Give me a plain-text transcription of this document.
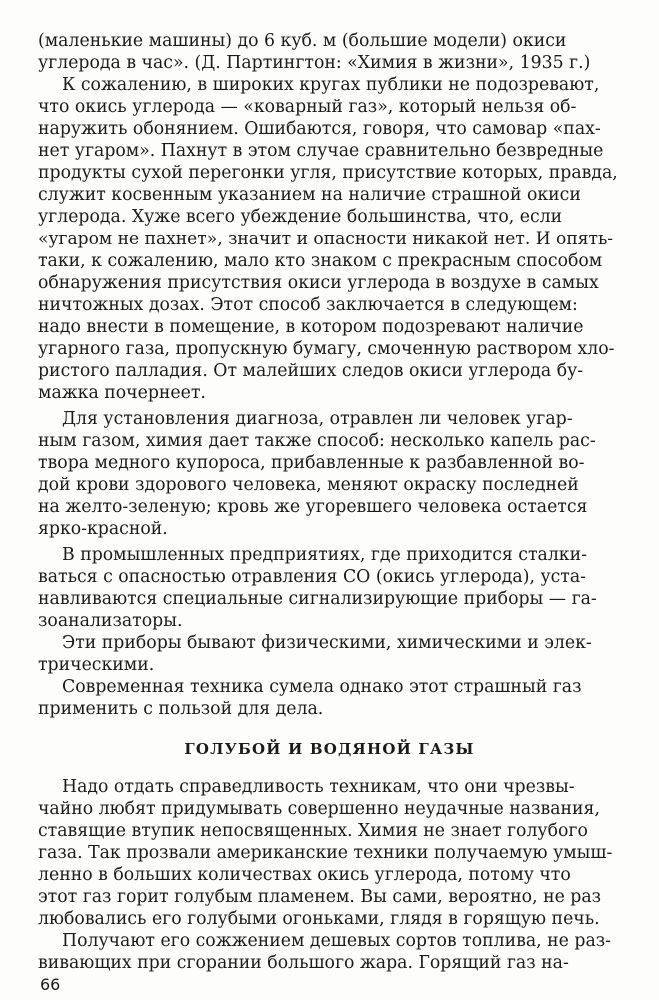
(маленькие машины) до 6 куб. м (большие модели) окиси
углерода в час». (Д. Партингтон: «Химия в жизни», 1935 г.)
К сожалению, в широких кругах публики не подозревают,
что окись углерода — «коварный газ», который нельзя об-
наружить обонянием. Ошибаются, говоря, что самовар «пах-
нет угаром». Пахнут в этом случае сравнительно безвредные
продукты сухой перегонки угля, присутствие которых, правда,
служит косвенным указанием на наличие страшной окиси
углерода. Хуже всего убеждение большинства, что, если
«угаром не пахнет», значит и опасности никакой нет. И опять-
таки, к сожалению, мало кто знаком с прекрасным способом
обнаружения присутствия окиси углерода в воздухе в самых
ничтожных дозах. Этот способ заключается в следующем:
надо внести в помещение, в котором подозревают наличие
угарного газа, пропускную бумагу, смоченную раствором хло-
ристого палладия. От малейших следов окиси углерода бу-
мажка почернеет.
Для установления диагноза, отравлен ли человек угар-
ным газом, химия дает также способ: несколько капель рас-
твора медного купороса, прибавленные к разбавленной во-
дой крови здорового человека, меняют окраску последней
на желто-зеленую; кровь же угоревшего человека остается
ярко-красной.
В промышленных предприятиях, где приходится сталки-
ваться с опасностью отравления CO (окись углерода), уста-
навливаются специальные сигнализирующие приборы — га-
зоанализаторы.
Эти приборы бывают физическими, химическими и элек-
трическими.
Современная техника сумела однако этот страшный газ
применить с пользой для дела.
ГОЛУБОЙ И ВОДЯНОЙ ГАЗЫ
Надо отдать справедливость техникам, что они чрезвы-
чайно любят придумывать совершенно неудачные названия,
ставящие втупик непосвященных. Химия не знает голубого
газа. Так прозвали американские техники получаемую умыш-
ленно в больших количествах окись углерода, потому что
этот газ горит голубым пламенем. Вы сами, вероятно, не раз
любовались его голубыми огоньками, глядя в горящую печь.
Получают его сожжением дешевых сортов топлива, не раз-
вивающих при сгорании большого жара. Горящий газ на-
66
